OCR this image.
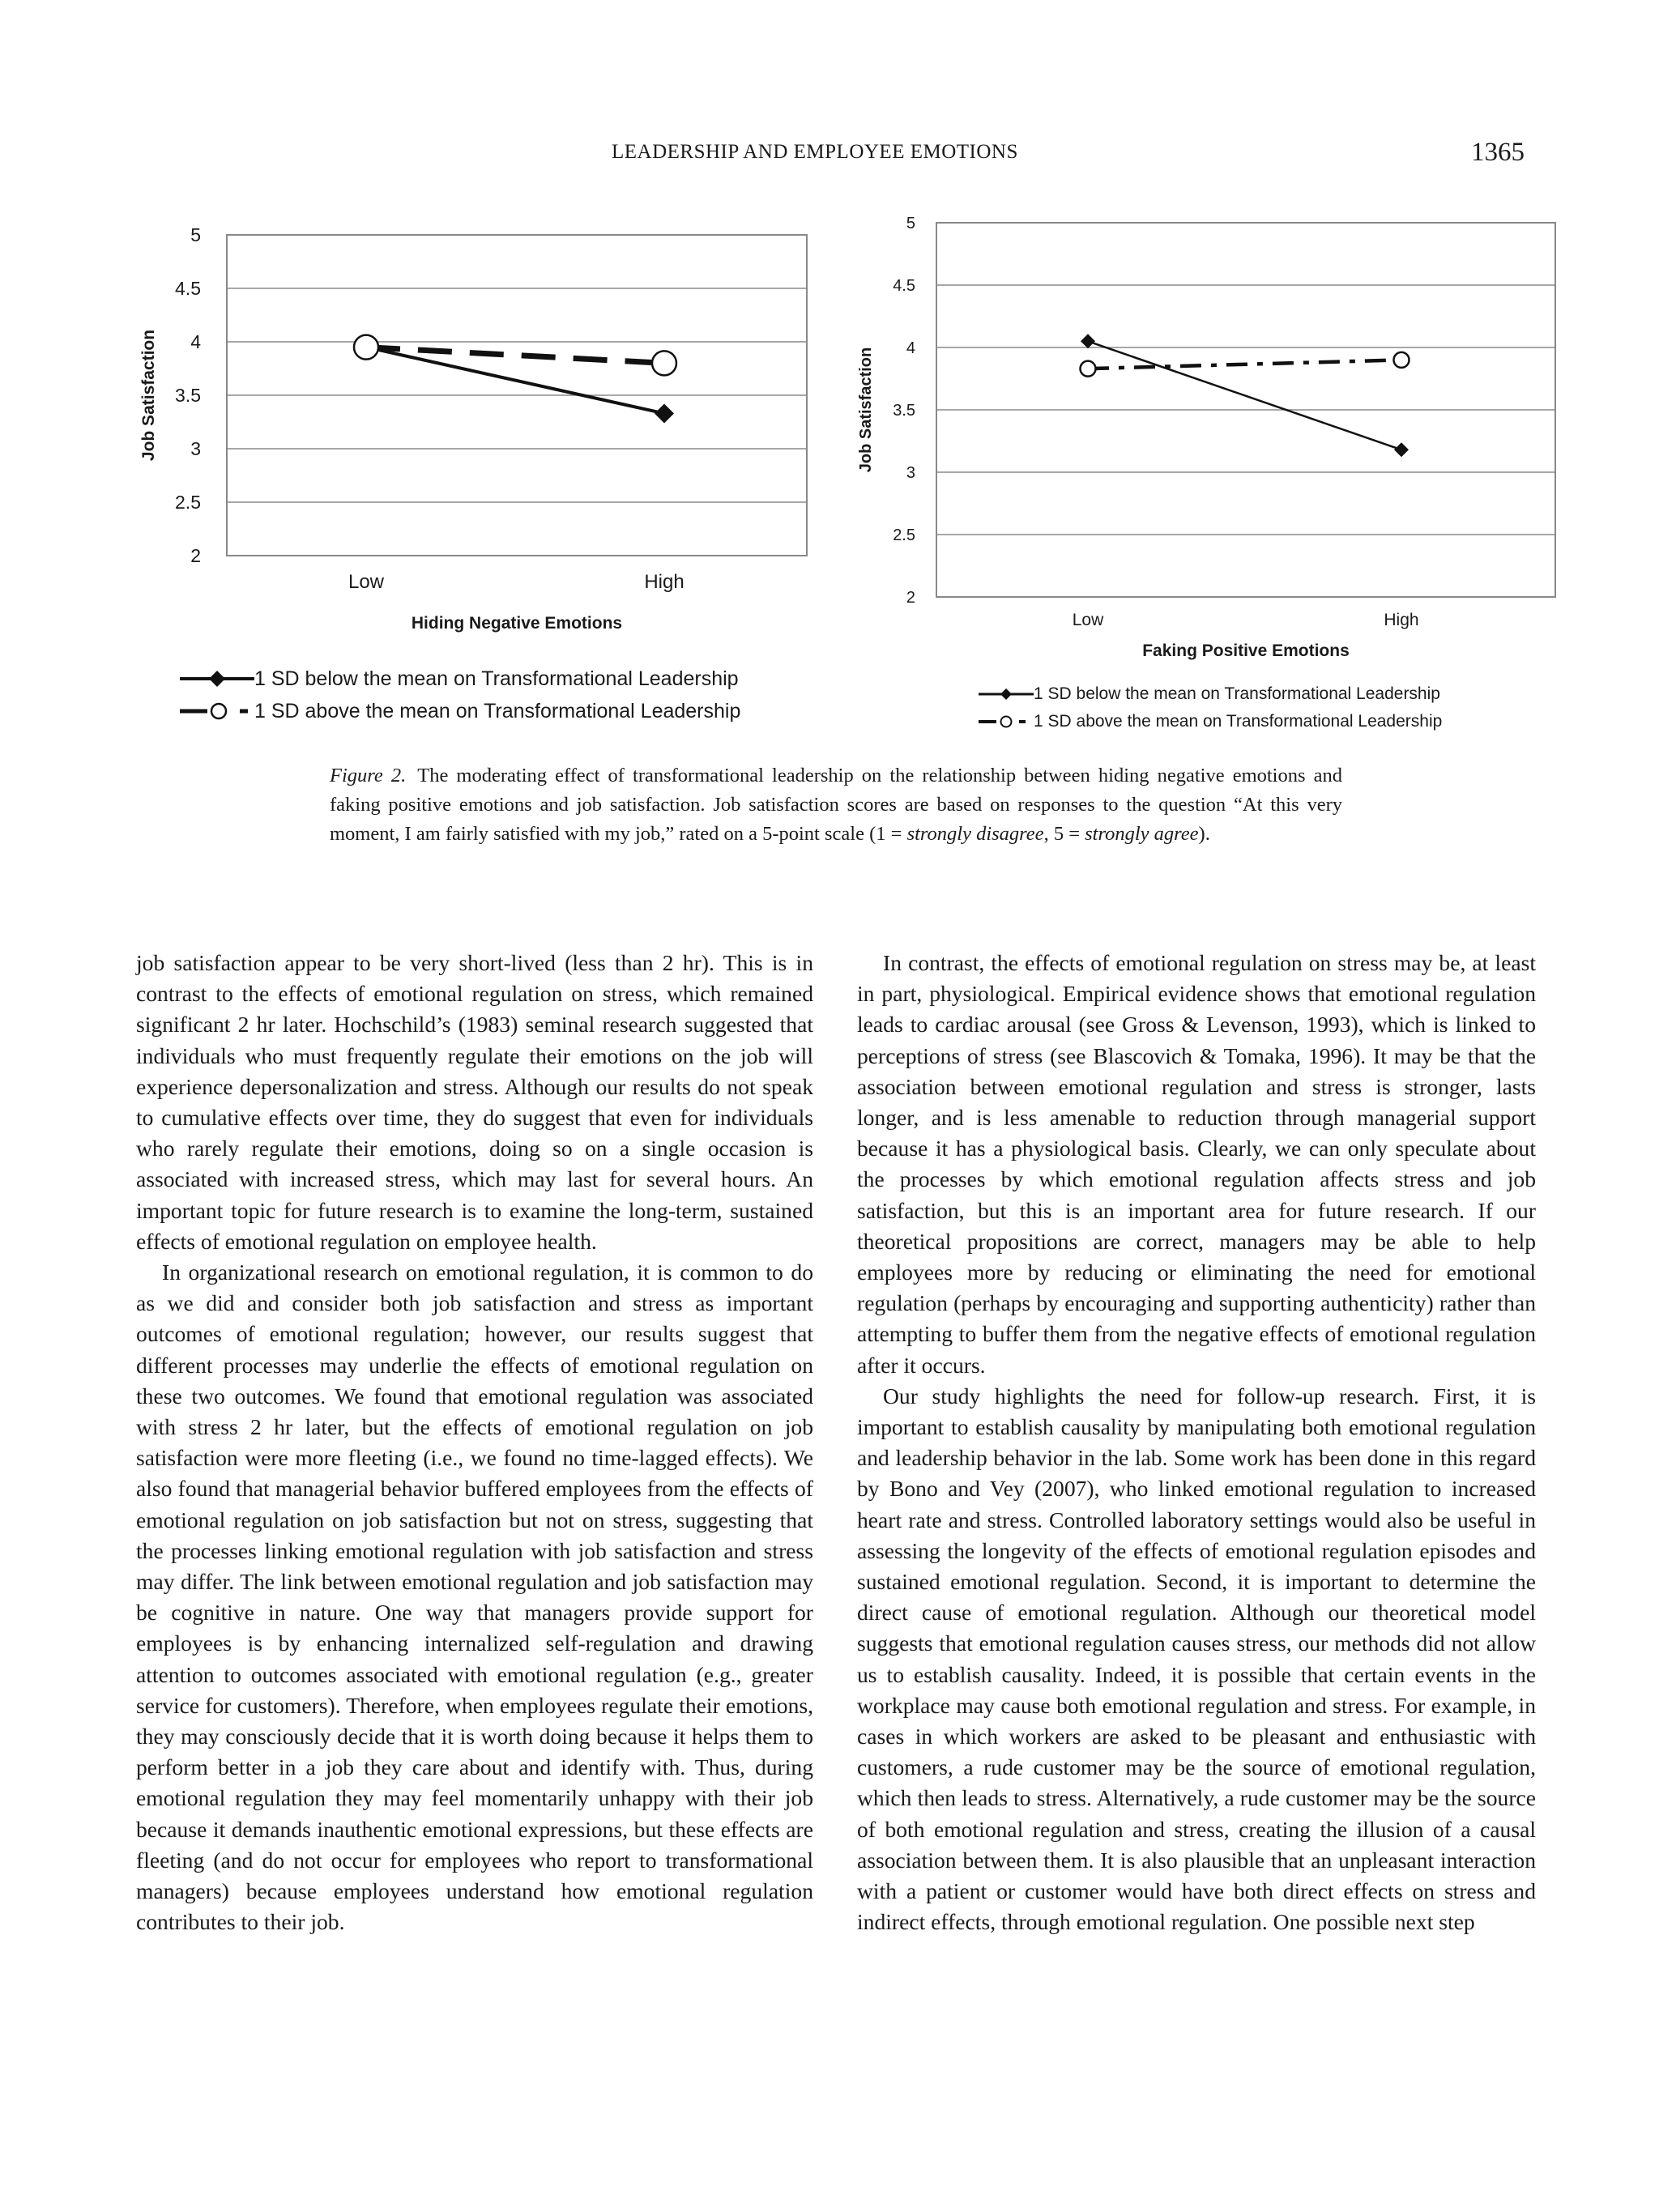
LEADERSHIP AND EMPLOYEE EMOTIONS	1365
2
2.5
3
3.5
4
4.5
5
Low	High
Job Satisfaction
Hiding Negative Emotions
2
2.5
3
3.5
4
4.5
5
Low	High
Job Satisfaction
Faking Positive Emotions
1 SD below the mean on Transformational Leadership
1 SD above the mean on Transformational Leadership
1 SD below the mean on Transformational Leadership
1 SD above the mean on Transformational Leadership
Figure 2. The moderating effect of transformational leadership on the relationship between hiding negative emotions and faking positive emotions and job satisfaction. Job satisfaction scores are based on responses to the question “At this very moment, I am fairly satisfied with my job,” rated on a 5-point scale (1 = strongly disagree, 5 = strongly agree).

job satisfaction appear to be very short-lived (less than 2 hr). This is in contrast to the effects of emotional regulation on stress, which remained significant 2 hr later. Hochschild’s (1983) seminal research suggested that individuals who must frequently regulate their emotions on the job will experience depersonalization and stress. Although our results do not speak to cumulative effects over time, they do suggest that even for individuals who rarely regulate their emotions, doing so on a single occasion is associated with increased stress, which may last for several hours. An important topic for future research is to examine the long-term, sustained effects of emotional regulation on employee health.

In organizational research on emotional regulation, it is common to do as we did and consider both job satisfaction and stress as important outcomes of emotional regulation; however, our results suggest that different processes may underlie the effects of emotional regulation on these two outcomes. We found that emotional regulation was associated with stress 2 hr later, but the effects of emotional regulation on job satisfaction were more fleeting (i.e., we found no time-lagged effects). We also found that managerial behavior buffered employees from the effects of emotional regulation on job satisfaction but not on stress, suggesting that the processes linking emotional regulation with job satisfaction and stress may differ. The link between emotional regulation and job satisfaction may be cognitive in nature. One way that managers provide support for employees is by enhancing internalized self-regulation and drawing attention to outcomes associated with emotional regulation (e.g., greater service for customers). Therefore, when employees regulate their emotions, they may consciously decide that it is worth doing because it helps them to perform better in a job they care about and identify with. Thus, during emotional regulation they may feel momentarily unhappy with their job because it demands inauthentic emotional expressions, but these effects are fleeting (and do not occur for employees who report to transformational managers) because employees understand how emotional regulation contributes to their job.

In contrast, the effects of emotional regulation on stress may be, at least in part, physiological. Empirical evidence shows that emotional regulation leads to cardiac arousal (see Gross & Levenson, 1993), which is linked to perceptions of stress (see Blascovich & Tomaka, 1996). It may be that the association between emotional regulation and stress is stronger, lasts longer, and is less amenable to reduction through managerial support because it has a physiological basis. Clearly, we can only speculate about the processes by which emotional regulation affects stress and job satisfaction, but this is an important area for future research. If our theoretical propositions are correct, managers may be able to help employees more by reducing or eliminating the need for emotional regulation (perhaps by encouraging and supporting authenticity) rather than attempting to buffer them from the negative effects of emotional regulation after it occurs.

Our study highlights the need for follow-up research. First, it is important to establish causality by manipulating both emotional regulation and leadership behavior in the lab. Some work has been done in this regard by Bono and Vey (2007), who linked emotional regulation to increased heart rate and stress. Controlled laboratory settings would also be useful in assessing the longevity of the effects of emotional regulation episodes and sustained emotional regulation. Second, it is important to determine the direct cause of emotional regulation. Although our theoretical model suggests that emotional regulation causes stress, our methods did not allow us to establish causality. Indeed, it is possible that certain events in the workplace may cause both emotional regulation and stress. For example, in cases in which workers are asked to be pleasant and enthusiastic with customers, a rude customer may be the source of emotional regulation, which then leads to stress. Alternatively, a rude customer may be the source of both emotional regulation and stress, creating the illusion of a causal association between them. It is also plausible that an unpleasant interaction with a patient or customer would have both direct effects on stress and indirect effects, through emotional regulation. One possible next step
